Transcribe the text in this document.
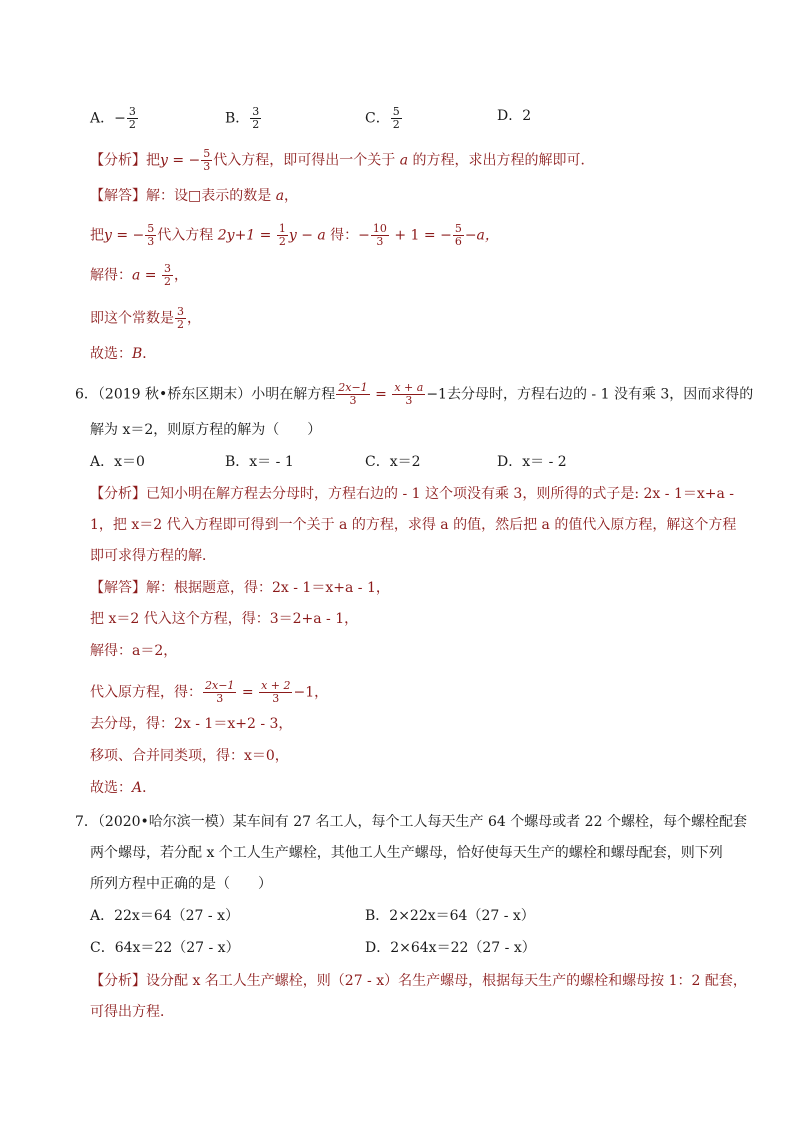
A．− $\frac{3}{2}$	B． $\frac{3}{2}$	C． $\frac{5}{2}$	D．2
【分析】把y = − $\frac{5}{3}$ 代入方程，即可得出一个关于 a 的方程，求出方程的解即可．
【解答】解：设□表示的数是 a，
把y = − $\frac{5}{3}$ 代入方程 $2y+1 = \frac{1}{2}$ y − a 得：− $\frac{10}{3} + 1$ = − $\frac{5}{6} -a$，
解得：$a = \frac{3}{2}$ ，
即这个常数是 $\frac{3}{2}$ ，
故选：B．
6．（2019 秋•桥东区期末）小明在解方程 $\frac{2x-1}{3} = \frac{x + a}{3} -1$去分母时，方程右边的 - 1 没有乘 3，因而求得的
解为 x＝2，则原方程的解为（　　）
A．x＝0	B．x＝ - 1	C．x＝2	D．x＝ - 2
【分析】已知小明在解方程去分母时，方程右边的 - 1 这个项没有乘 3，则所得的式子是: 2x - 1＝x+a -
1，把 x＝2 代入方程即可得到一个关于 a 的方程，求得 a 的值，然后把 a 的值代入原方程，解这个方程
即可求得方程的解．
【解答】解：根据题意，得：2x - 1＝x+a - 1，
把 x＝2 代入这个方程，得：3＝2+a - 1，
解得：a＝2，
代入原方程，得： $\frac{2x-1}{3} = \frac{x + 2}{3} -1$，
去分母，得：2x - 1＝x+2 - 3，
移项、合并同类项，得：x＝0，
故选：A．
7．（2020•哈尔滨一模）某车间有 27 名工人，每个工人每天生产 64 个螺母或者 22 个螺栓，每个螺栓配套
两个螺母，若分配 x 个工人生产螺栓，其他工人生产螺母，恰好使每天生产的螺栓和螺母配套，则下列
所列方程中正确的是（　　）
A．22x＝64（27 - x）	B．2×22x＝64（27 - x）
C．64x＝22（27 - x）	D．2×64x＝22（27 - x）
【分析】设分配 x 名工人生产螺栓，则（27 - x）名生产螺母，根据每天生产的螺栓和螺母按 1：2 配套，
可得出方程．
